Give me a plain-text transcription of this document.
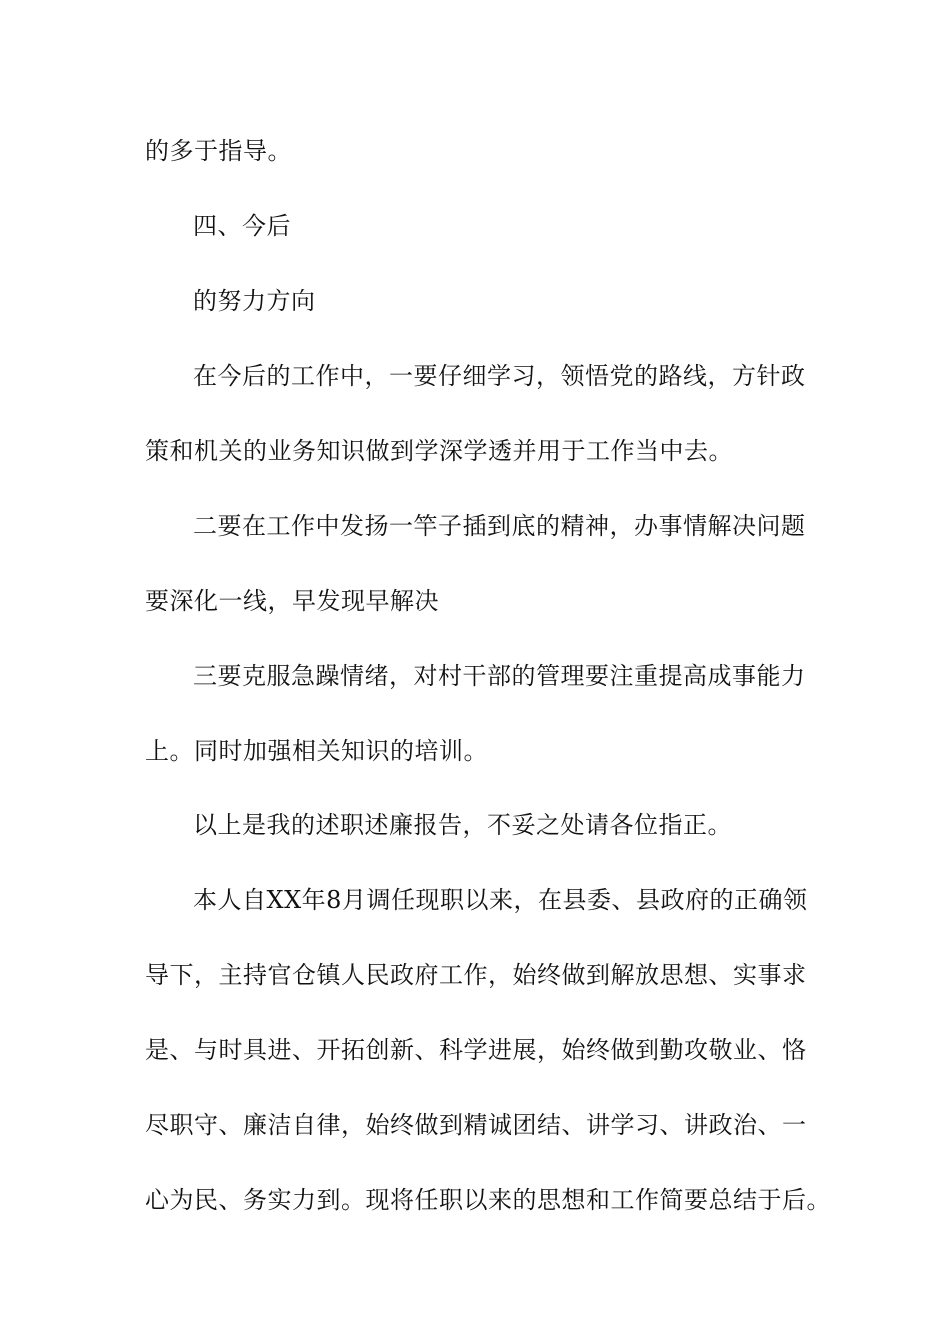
的多于指导。
四、今后
的努力方向
在今后的工作中，一要仔细学习，领悟党的路线，方针政
策和机关的业务知识做到学深学透并用于工作当中去。
二要在工作中发扬一竿子插到底的精神，办事情解决问题
要深化一线，早发现早解决
三要克服急躁情绪，对村干部的管理要注重提高成事能力
上。同时加强相关知识的培训。
以上是我的述职述廉报告，不妥之处请各位指正。
本人自XX年8月调任现职以来，在县委、县政府的正确领
导下，主持官仓镇人民政府工作，始终做到解放思想、实事求
是、与时具进、开拓创新、科学进展，始终做到勤攻敬业、恪
尽职守、廉洁自律，始终做到精诚团结、讲学习、讲政治、一
心为民、务实力到。现将任职以来的思想和工作简要总结于后。
